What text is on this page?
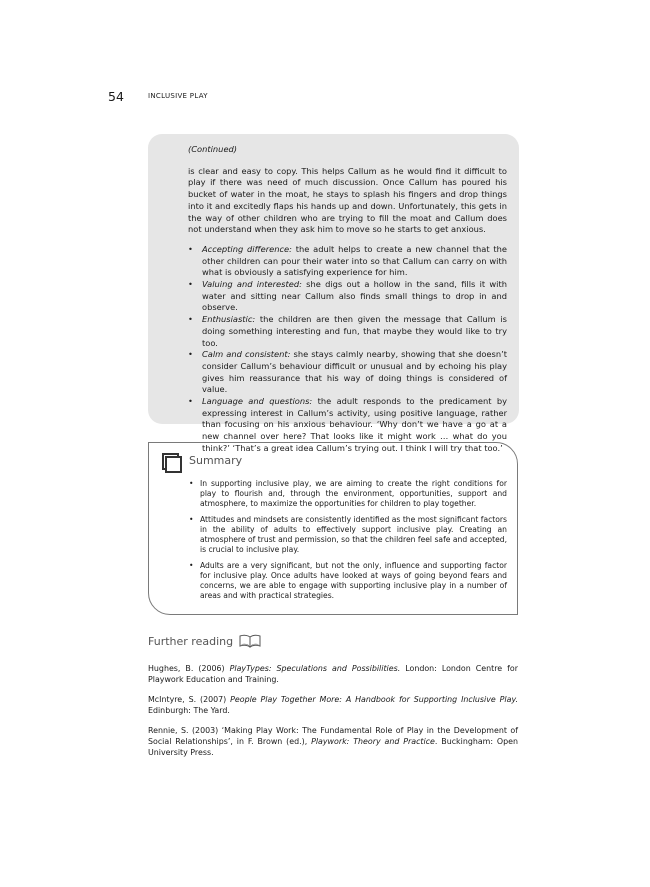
54	INCLUSIVE PLAY
(Continued)

is clear and easy to copy. This helps Callum as he would find it difficult to play if there was need of much discussion. Once Callum has poured his bucket of water in the moat, he stays to splash his fingers and drop things into it and excitedly flaps his hands up and down. Unfortunately, this gets in the way of other children who are trying to fill the moat and Callum does not understand when they ask him to move so he starts to get anxious.

• Accepting difference: the adult helps to create a new channel that the other children can pour their water into so that Callum can carry on with what is obviously a satisfying experience for him.
• Valuing and interested: she digs out a hollow in the sand, fills it with water and sitting near Callum also finds small things to drop in and observe.
• Enthusiastic: the children are then given the message that Callum is doing something interesting and fun, that maybe they would like to try too.
• Calm and consistent: she stays calmly nearby, showing that she doesn’t consider Callum’s behaviour difficult or unusual and by echoing his play gives him reassurance that his way of doing things is considered of value.
• Language and questions: the adult responds to the predicament by expressing interest in Callum’s activity, using positive language, rather than focusing on his anxious behaviour. ‘Why don’t we have a go at a new channel over here? That looks like it might work … what do you think?’ ‘That’s a great idea Callum’s trying out. I think I will try that too.’
Summary
• In supporting inclusive play, we are aiming to create the right conditions for play to flourish and, through the environment, opportunities, support and atmosphere, to maximize the opportunities for children to play together.
• Attitudes and mindsets are consistently identified as the most significant factors in the ability of adults to effectively support inclusive play. Creating an atmosphere of trust and permission, so that the children feel safe and accepted, is crucial to inclusive play.
• Adults are a very significant, but not the only, influence and supporting factor for inclusive play. Once adults have looked at ways of going beyond fears and concerns, we are able to engage with supporting inclusive play in a number of areas and with practical strategies.
Further reading

Hughes, B. (2006) PlayTypes: Speculations and Possibilities. London: London Centre for Playwork Education and Training.

McIntyre, S. (2007) People Play Together More: A Handbook for Supporting Inclusive Play. Edinburgh: The Yard.

Rennie, S. (2003) ‘Making Play Work: The Fundamental Role of Play in the Development of Social Relationships’, in F. Brown (ed.), Playwork: Theory and Practice. Buckingham: Open University Press.
